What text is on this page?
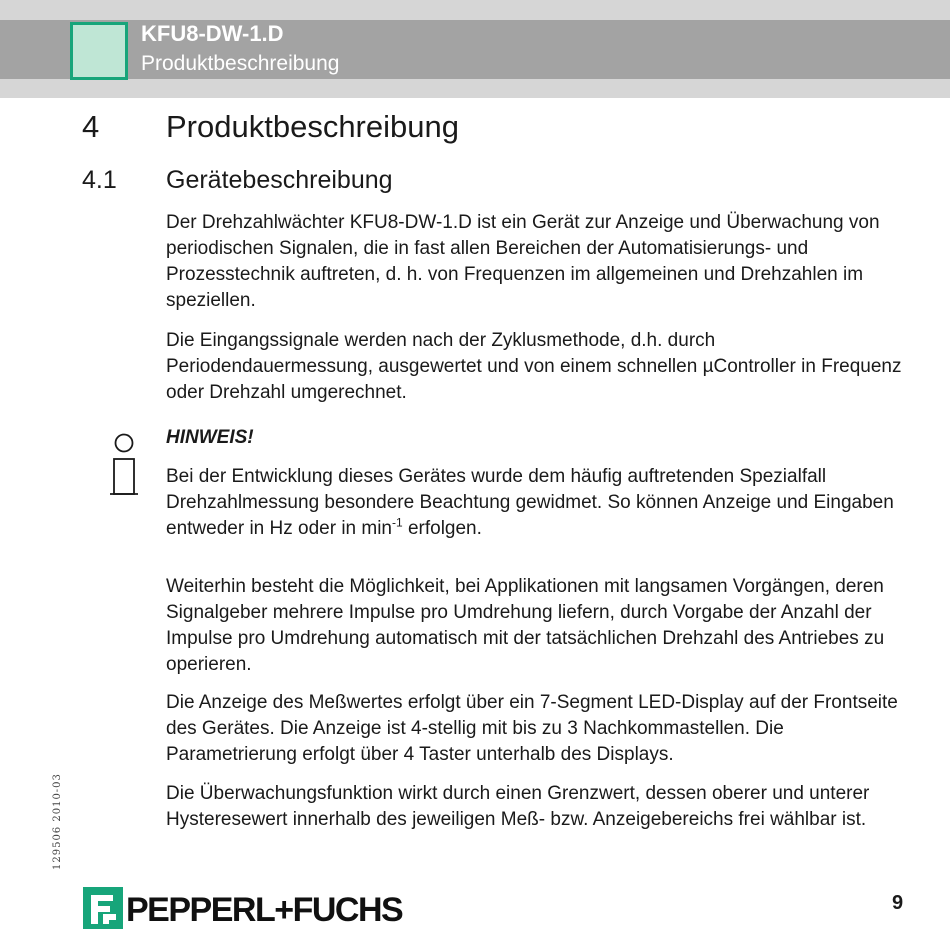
KFU8-DW-1.D
Produktbeschreibung
4 Produktbeschreibung
4.1 Gerätebeschreibung

Der Drehzahlwächter KFU8-DW-1.D ist ein Gerät zur Anzeige und Überwachung von periodischen Signalen, die in fast allen Bereichen der Automatisierungs- und Prozesstechnik auftreten, d. h. von Frequenzen im allgemeinen und Drehzahlen im speziellen.

Die Eingangssignale werden nach der Zyklusmethode, d.h. durch Periodendauermessung, ausgewertet und von einem schnellen µController in Frequenz oder Drehzahl umgerechnet.

HINWEIS!

Bei der Entwicklung dieses Gerätes wurde dem häufig auftretenden Spezialfall Drehzahlmessung besondere Beachtung gewidmet. So können Anzeige und Eingaben entweder in Hz oder in $\min^{-1}$ erfolgen.

Weiterhin besteht die Möglichkeit, bei Applikationen mit langsamen Vorgängen, deren Signalgeber mehrere Impulse pro Umdrehung liefern, durch Vorgabe der Anzahl der Impulse pro Umdrehung automatisch mit der tatsächlichen Drehzahl des Antriebes zu operieren.

Die Anzeige des Meßwertes erfolgt über ein 7-Segment LED-Display auf der Frontseite des Gerätes. Die Anzeige ist 4-stellig mit bis zu 3 Nachkommastellen. Die Parametrierung erfolgt über 4 Taster unterhalb des Displays.

Die Überwachungsfunktion wirkt durch einen Grenzwert, dessen oberer und unterer Hysteresewert innerhalb des jeweiligen Meß- bzw. Anzeigebereichs frei wählbar ist.

129506 2010-03
PEPPERL+FUCHS	9
